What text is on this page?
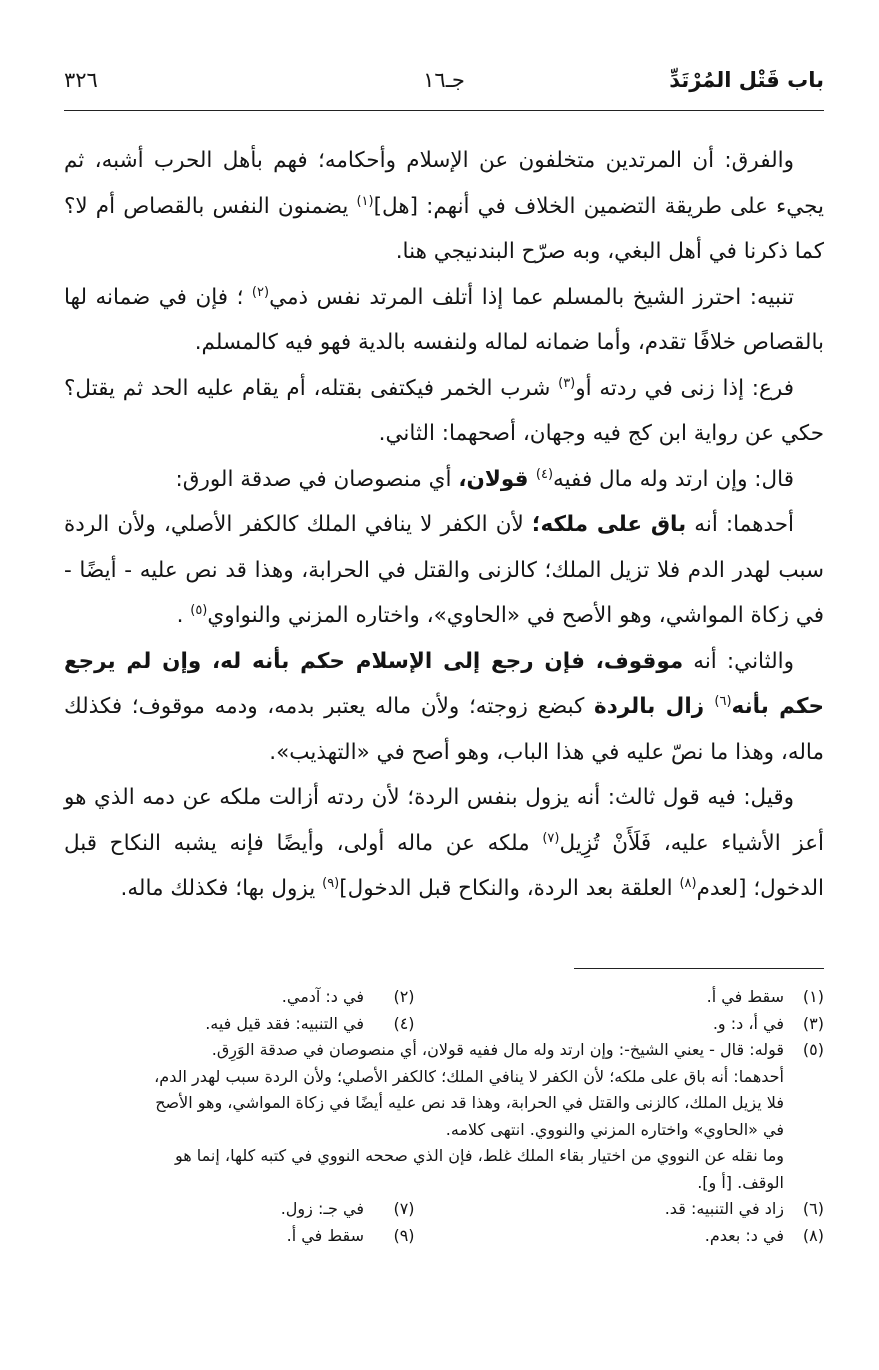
باب قَتْل المُرْتَدِّ
جـ١٦
٣٢٦

والفرق: أن المرتدين متخلفون عن الإسلام وأحكامه؛ فهم بأهل الحرب أشبه، ثم يجيء على طريقة التضمين الخلاف في أنهم: [هل]$^{(١)}$ يضمنون النفس بالقصاص أم لا؟ كما ذكرنا في أهل البغي، وبه صرّح البندنيجي هنا.

تنبيه: احترز الشيخ بالمسلم عما إذا أتلف المرتد نفس ذمي$^{(٢)}$ ؛ فإن في ضمانه لها بالقصاص خلافًا تقدم، وأما ضمانه لماله ولنفسه بالدية فهو فيه كالمسلم.

فرع: إذا زنى في ردته أو$^{(٣)}$ شرب الخمر فيكتفى بقتله، أم يقام عليه الحد ثم يقتل؟ حكي عن رواية ابن كج فيه وجهان، أصحهما: الثاني.

قال: وإن ارتد وله مال ففيه$^{(٤)}$ قولان، أي منصوصان في صدقة الورق:

أحدهما: أنه باق على ملكه؛ لأن الكفر لا ينافي الملك كالكفر الأصلي، ولأن الردة سبب لهدر الدم فلا تزيل الملك؛ كالزنى والقتل في الحرابة، وهذا قد نص عليه - أيضًا - في زكاة المواشي، وهو الأصح في «الحاوي»، واختاره المزني والنواوي$^{(٥)}$ .

والثاني: أنه موقوف، فإن رجع إلى الإسلام حكم بأنه له، وإن لم يرجع حكم بأنه$^{(٦)}$ زال بالردة كبضع زوجته؛ ولأن ماله يعتبر بدمه، ودمه موقوف؛ فكذلك ماله، وهذا ما نصّ عليه في هذا الباب، وهو أصح في «التهذيب».

وقيل: فيه قول ثالث: أنه يزول بنفس الردة؛ لأن ردته أزالت ملكه عن دمه الذي هو أعز الأشياء عليه، فَلَأَنْ تُزِيل$^{(٧)}$ ملكه عن ماله أولى، وأيضًا فإنه يشبه النكاح قبل الدخول؛ [لعدم$^{(٨)}$ العلقة بعد الردة، والنكاح قبل الدخول]$^{(٩)}$ يزول بها؛ فكذلك ماله.

(١)
سقط في أ.
(٢)
في د: آدمي.
(٣)
في أ، د: و.
(٤)
في التنبيه: فقد قيل فيه.
(٥)
قوله: قال - يعني الشيخ-: وإن ارتد وله مال ففيه قولان، أي منصوصان في صدقة الوَرِق.
أحدهما: أنه باق على ملكه؛ لأن الكفر لا ينافي الملك؛ كالكفر الأصلي؛ ولأن الردة سبب لهدر الدم،
فلا يزيل الملك، كالزنى والقتل في الحرابة، وهذا قد نص عليه أيضًا في زكاة المواشي، وهو الأصح
في «الحاوي» واختاره المزني والنووي. انتهى كلامه.
وما نقله عن النووي من اختيار بقاء الملك غلط، فإن الذي صححه النووي في كتبه كلها، إنما هو
الوقف. [أ و].
(٦)
زاد في التنبيه: قد.
(٧)
في جـ: زول.
(٨)
في د: بعدم.
(٩)
سقط في أ.
